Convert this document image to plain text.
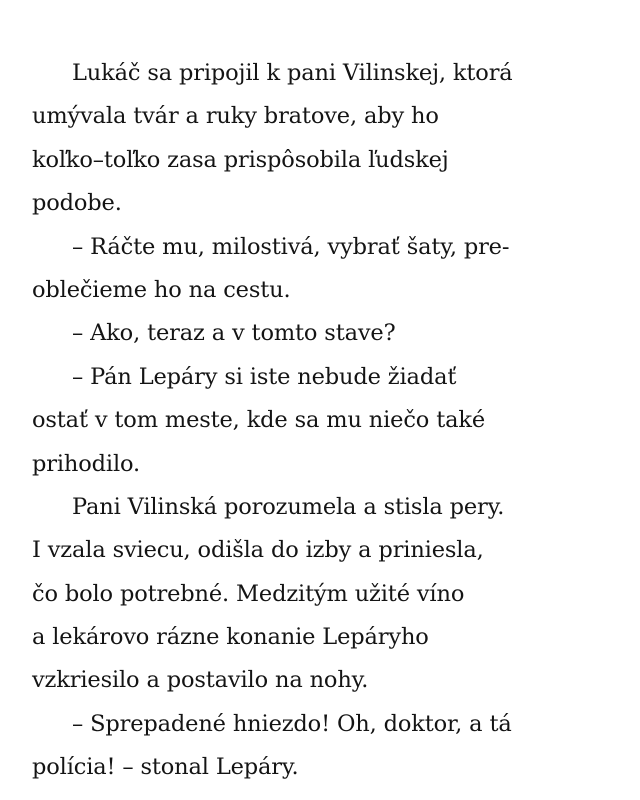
Lukáč sa pripojil k pani Vilinskej, ktorá
umývala tvár a ruky bratove, aby ho
koľko–toľko zasa prispôsobila ľudskej
podobe.
– Ráčte mu, milostivá, vybrať šaty, pre-
oblečieme ho na cestu.
– Ako, teraz a v tomto stave?
– Pán Lepáry si iste nebude žiadať
ostať v tom meste, kde sa mu niečo také
prihodilo.
Pani Vilinská porozumela a stisla pery.
I vzala sviecu, odišla do izby a priniesla,
čo bolo potrebné. Medzitým užité víno
a lekárovo rázne konanie Lepáryho
vzkriesilo a postavilo na nohy.
– Sprepadené hniezdo! Oh, doktor, a tá
polícia! – stonal Lepáry.
